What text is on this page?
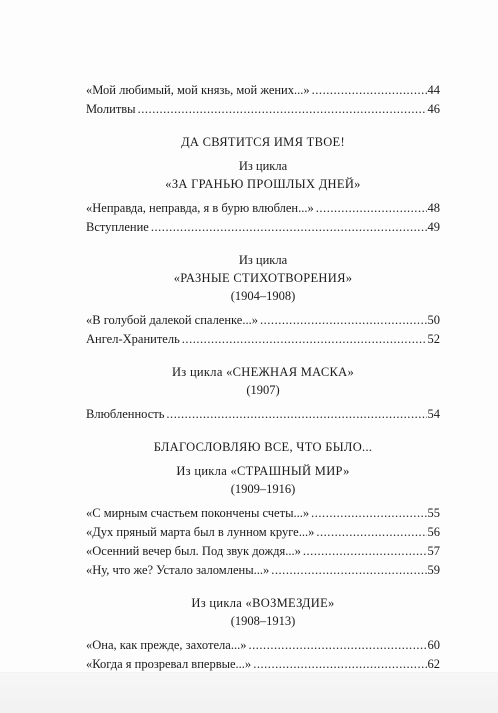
«Мой любимый, мой князь, мой жених...» . . .	44
Молитвы . . .	46
ДА СВЯТИТСЯ ИМЯ ТВОЕ!
Из цикла
«ЗА ГРАНЬЮ ПРОШЛЫХ ДНЕЙ»
«Неправда, неправда, я в бурю влюблен...» . . .	48
Вступление . . .	49
Из цикла
«РАЗНЫЕ СТИХОТВОРЕНИЯ»
(1904–1908)
«В голубой далекой спаленке...» . . .	50
Ангел-Хранитель . . .	52
Из цикла «СНЕЖНАЯ МАСКА»
(1907)
Влюбленность . . .	54
БЛАГОСЛОВЛЯЮ ВСЕ, ЧТО БЫЛО...
Из цикла «СТРАШНЫЙ МИР»
(1909–1916)
«С мирным счастьем покончены счеты...» . . .	55
«Дух пряный марта был в лунном круге...» . . .	56
«Осенний вечер был. Под звук дождя...» . . .	57
«Ну, что же? Устало заломлены...» . . .	59
Из цикла «ВОЗМЕЗДИЕ»
(1908–1913)
«Она, как прежде, захотела...» . . .	60
«Когда я прозревал впервые...» . . .	62
. . .
